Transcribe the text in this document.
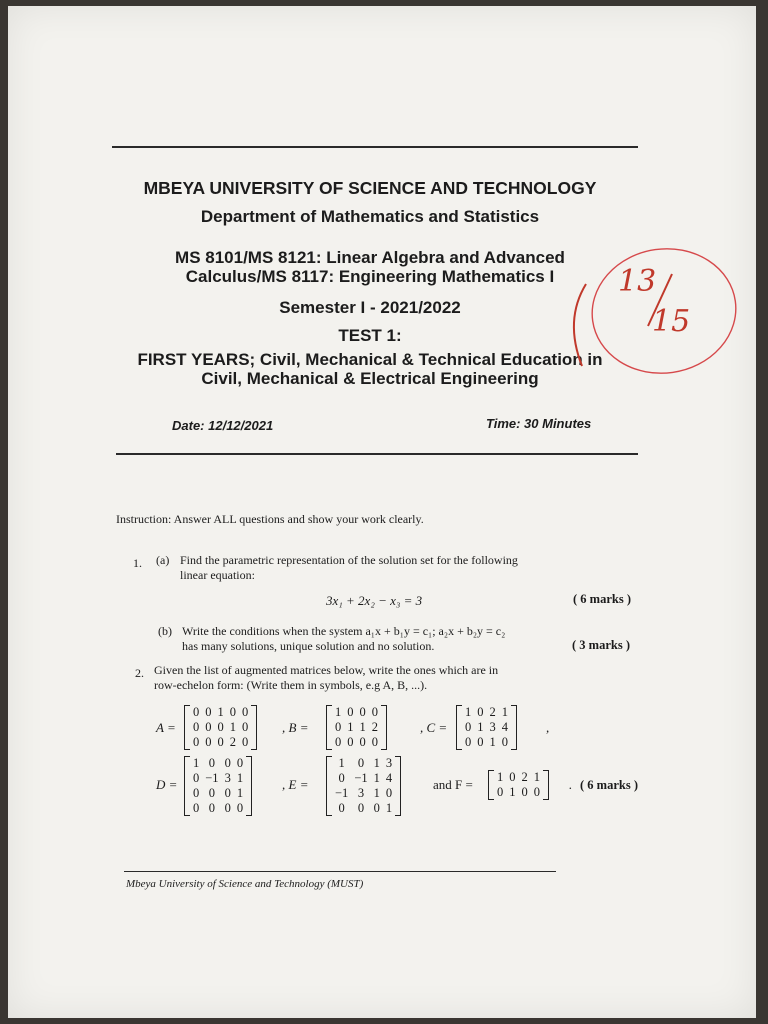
MBEYA UNIVERSITY OF SCIENCE AND TECHNOLOGY
Department of Mathematics and Statistics
MS 8101/MS 8121: Linear Algebra and Advanced
Calculus/MS 8117: Engineering Mathematics I
Semester I - 2021/2022
TEST 1:
FIRST YEARS; Civil, Mechanical & Technical Education in
Civil, Mechanical & Electrical Engineering
13
15
Date: 12/12/2021	Time: 30 Minutes
Instruction: Answer ALL questions and show your work clearly.
1. (a) Find the parametric representation of the solution set for the following
linear equation:
3x₁ + 2x₂ − x₃ = 3	( 6 marks )
(b) Write the conditions when the system a₁x + b₁y = c₁; a₂x + b₂y = c₂
has many solutions, unique solution and no solution.	( 3 marks )
2. Given the list of augmented matrices below, write the ones which are in
row-echelon form: (Write them in symbols, e.g A, B, ...).
A =
0	0	1	0	0
0	0	0	1	0
0	0	0	2	0
, B =
1	0	0	0
0	1	1	2
0	0	0	0
, C =
1	0	2	1
0	1	3	4
0	0	1	0
,
D =
1	0	0	0
0	−1	3	1
0	0	0	1
0	0	0	0
, E =
1	0	1	3
0	−1	1	4
−1	3	1	0
0	0	0	1
and F = 1	0	2	1
0	1	0	0 . ( 6 marks )
Mbeya University of Science and Technology (MUST)
